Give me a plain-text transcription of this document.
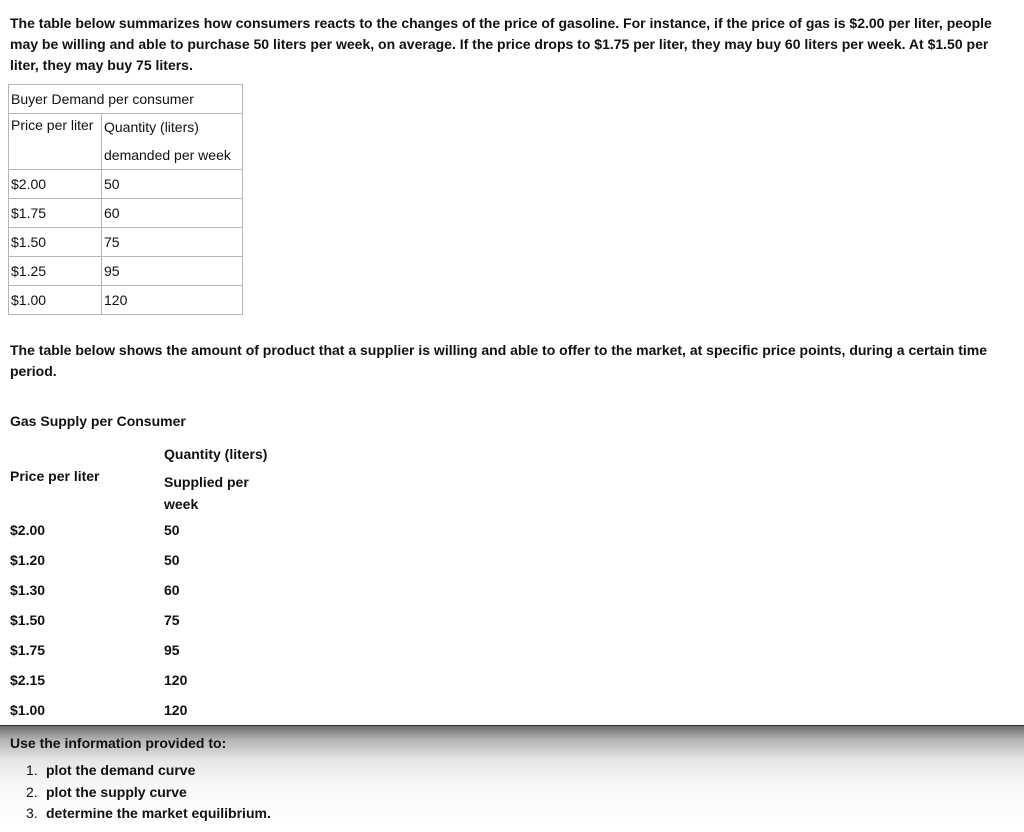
The table below summarizes how consumers reacts to the changes of the price of gasoline. For instance, if the price of gas is $2.00 per liter, people may be willing and able to purchase 50 liters per week, on average. If the price drops to $1.75 per liter, they may buy 60 liters per week. At $1.50 per liter, they may buy 75 liters.

Buyer Demand per consumer	
Price per liter	Quantity (liters)
demanded per week

$2.00	50
$1.75	60
$1.50	75
$1.25	95
$1.00	120

The table below shows the amount of product that a supplier is willing and able to offer to the market, at specific price points, during a certain time period.

Gas Supply per Consumer
Price per liter
Quantity (liters)
Supplied per
week
$2.00	50
$1.20	50
$1.30	60
$1.50	75
$1.75	95
$2.15	120
$1.00	120
Use the information provided to:
1. plot the demand curve
2. plot the supply curve
3. determine the market equilibrium.
